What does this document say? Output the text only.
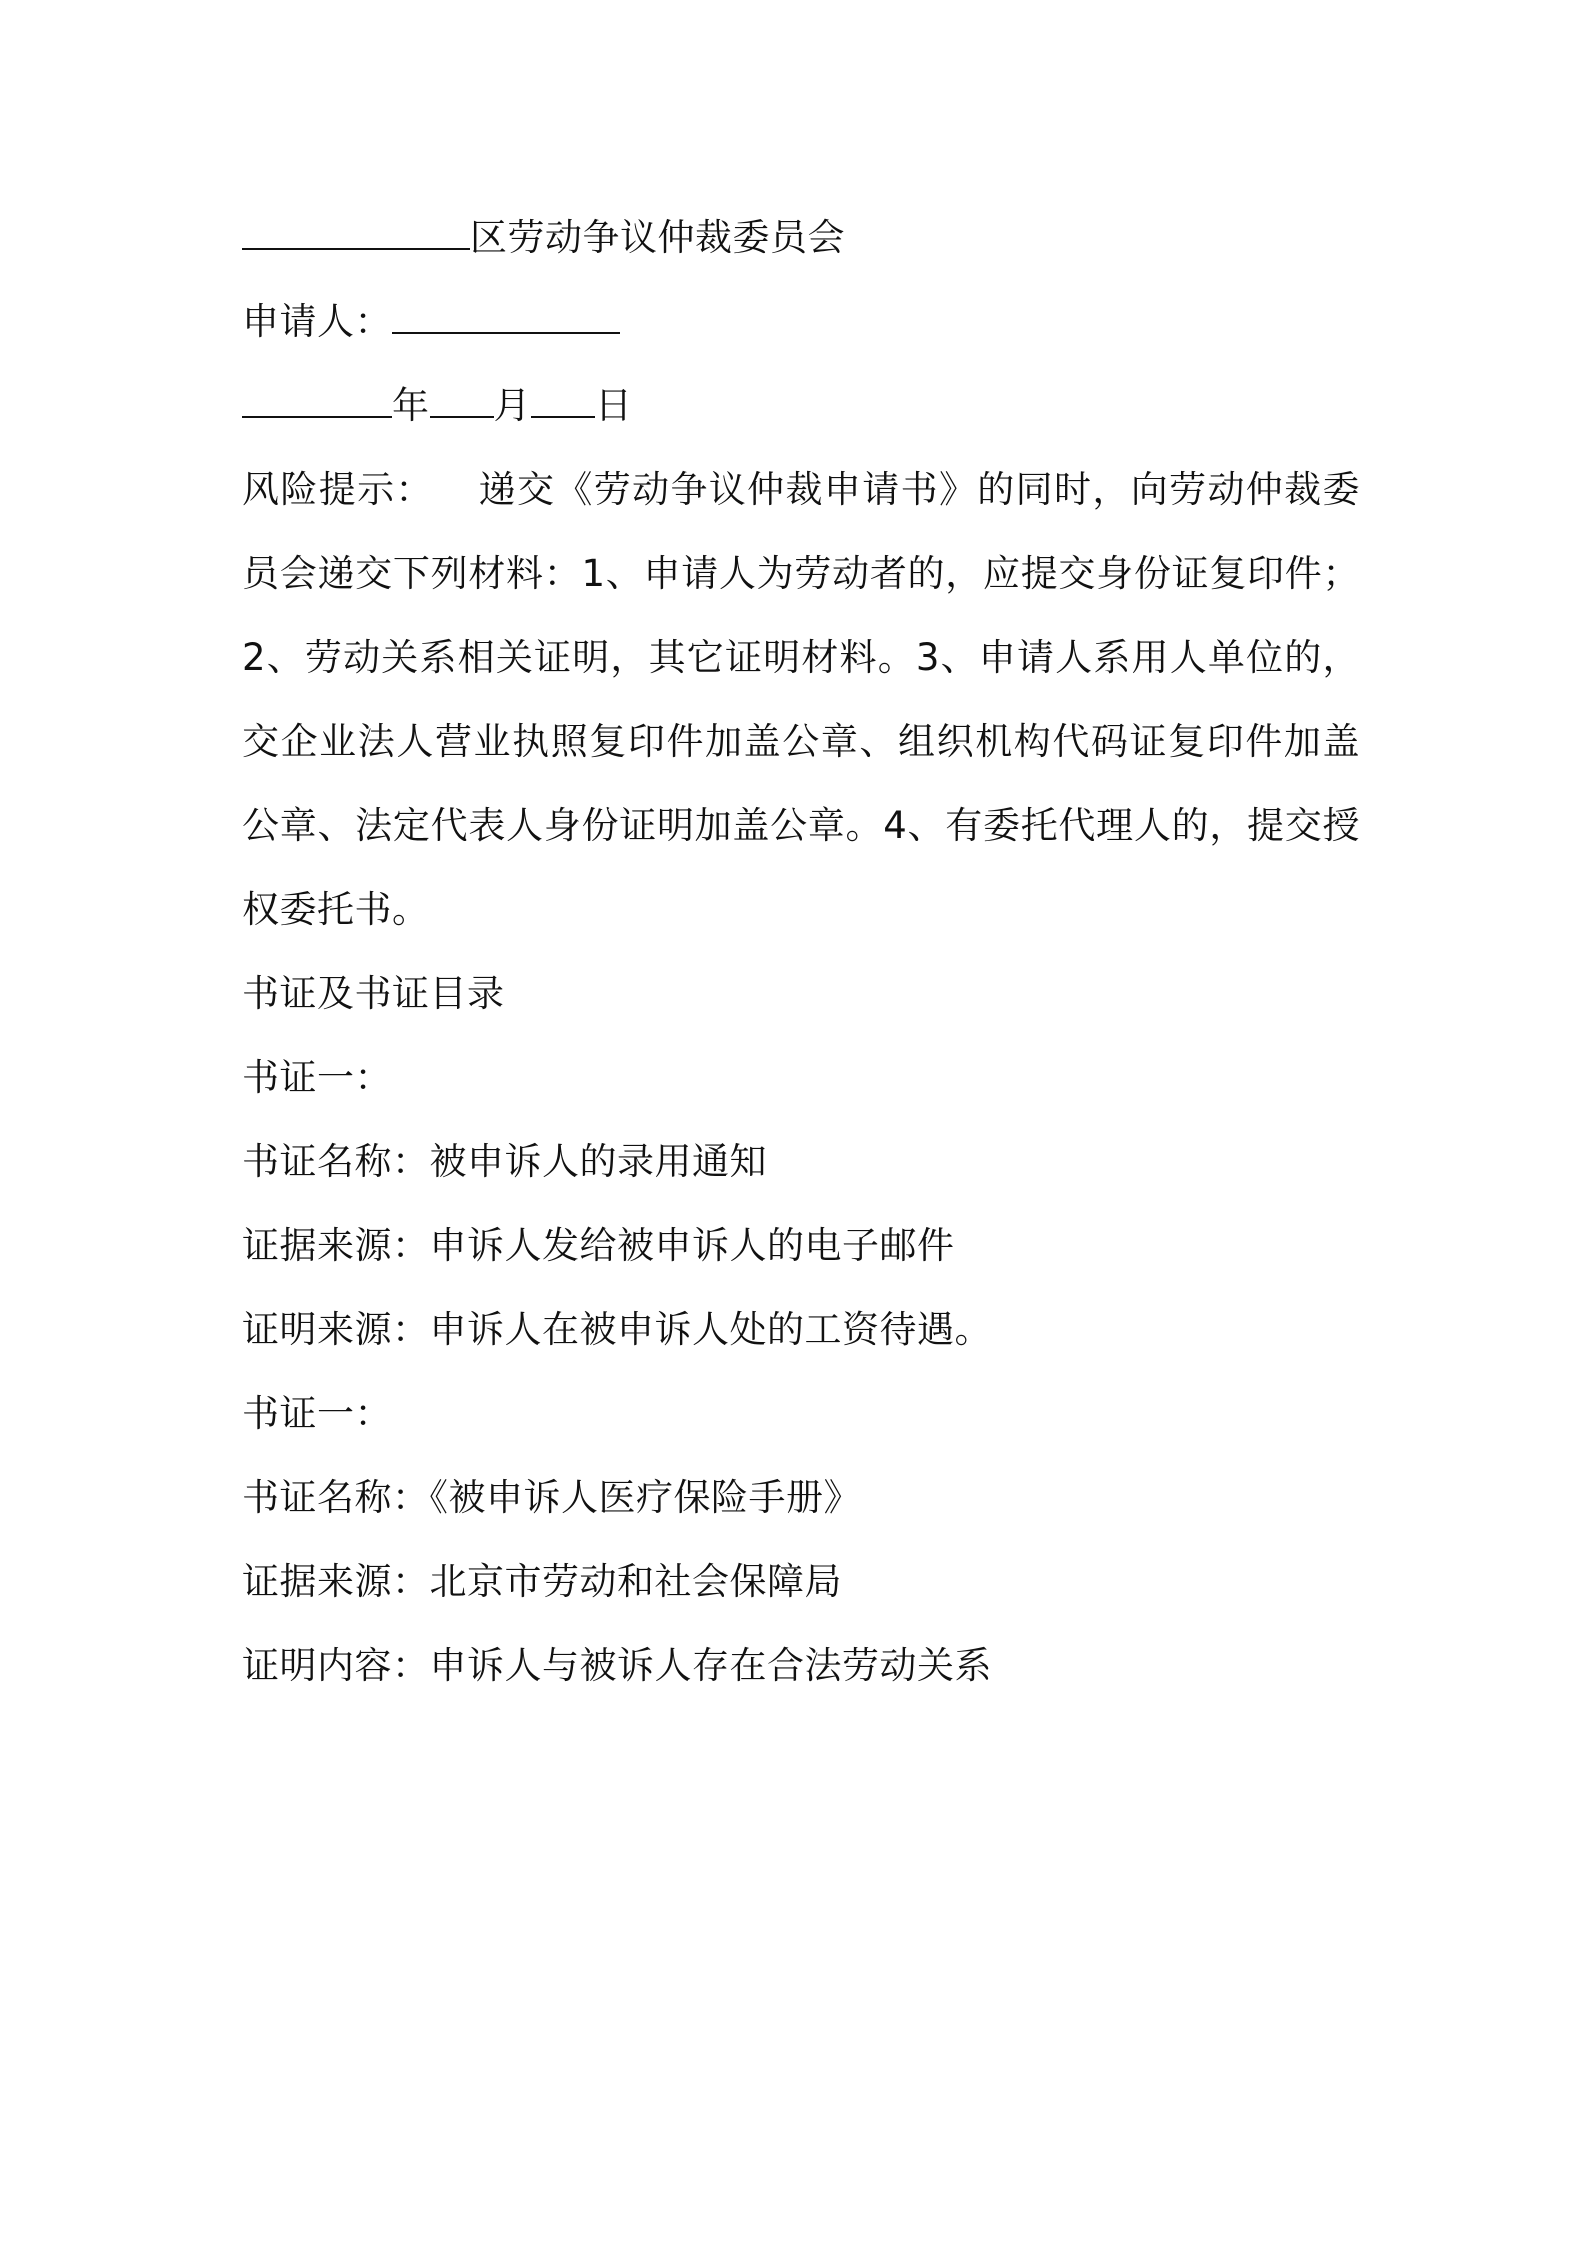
区劳动争议仲裁委员会
申请人：
年 月 日
风险提示： 递交《劳动争议仲裁申请书》的同时，向劳动仲裁委员会递交下列材料：1、申请人为劳动者的，应提交身份证复印件；2、劳动关系相关证明，其它证明材料。3、申请人系用人单位的，交企业法人营业执照复印件加盖公章、组织机构代码证复印件加盖公章、法定代表人身份证明加盖公章。4、有委托代理人的，提交授权委托书。
书证及书证目录
书证一：
书证名称：被申诉人的录用通知
证据来源：申诉人发给被申诉人的电子邮件
证明来源：申诉人在被申诉人处的工资待遇。
书证一：
书证名称：《被申诉人医疗保险手册》
证据来源：北京市劳动和社会保障局
证明内容：申诉人与被诉人存在合法劳动关系
